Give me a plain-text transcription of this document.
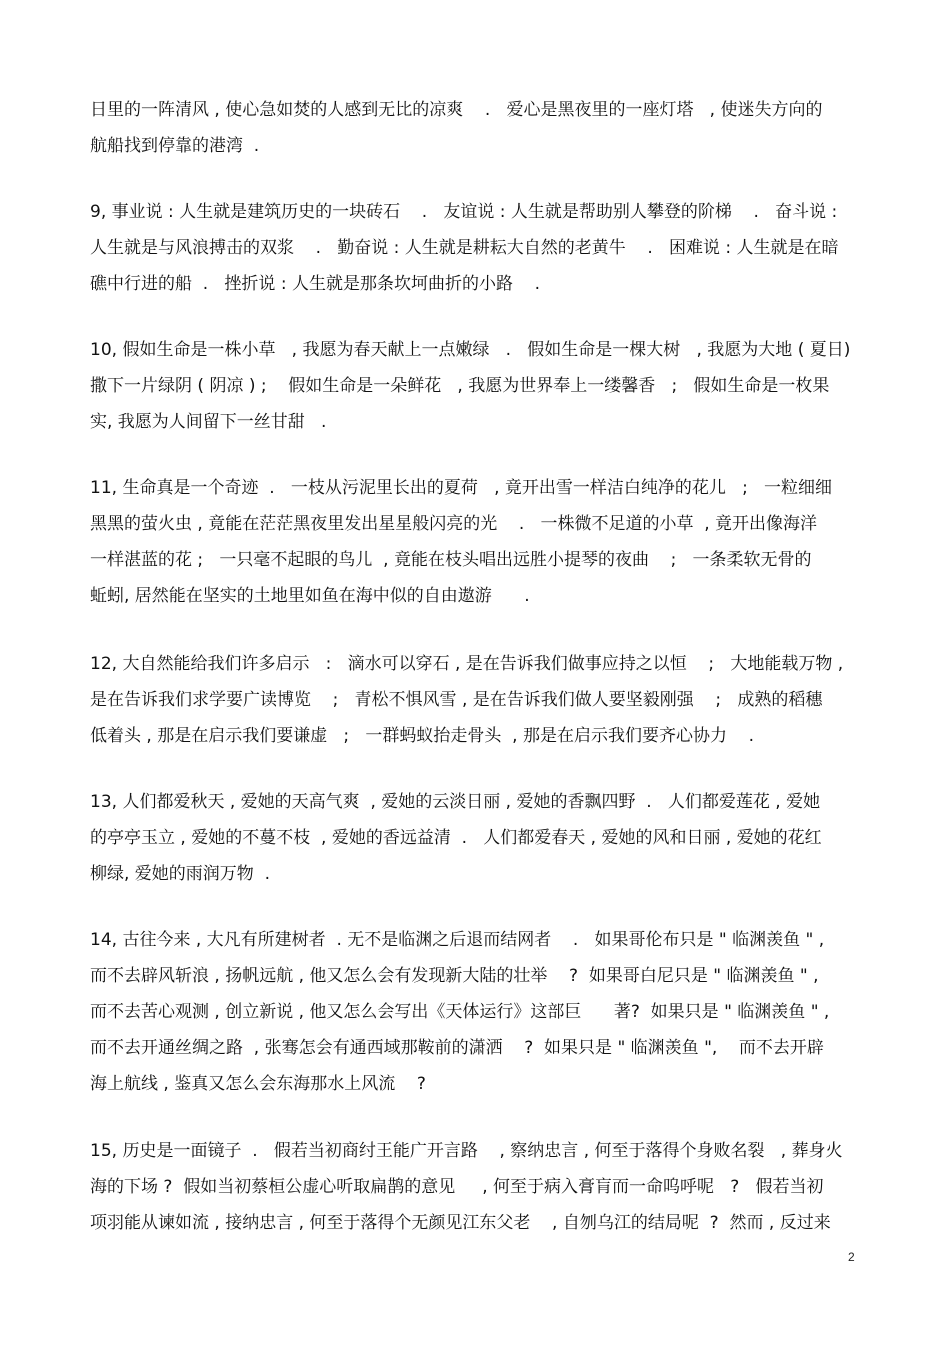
日里的一阵清风 , 使心急如焚的人感到无比的凉爽    .   爱心是黑夜里的一座灯塔   , 使迷失方向的
航船找到停靠的港湾  .
9, 事业说 : 人生就是建筑历史的一块砖石    .   友谊说 : 人生就是帮助别人攀登的阶梯    .   奋斗说 :
人生就是与风浪搏击的双浆    .   勤奋说 : 人生就是耕耘大自然的老黄牛    .   困难说 : 人生就是在暗
礁中行进的船  .   挫折说 : 人生就是那条坎坷曲折的小路    .
10, 假如生命是一株小草   , 我愿为春天献上一点嫩绿   .   假如生命是一棵大树   , 我愿为大地 ( 夏日)
撒下一片绿阴 ( 阴凉 ) ;    假如生命是一朵鲜花   , 我愿为世界奉上一缕馨香   ;   假如生命是一枚果
实, 我愿为人间留下一丝甘甜   .
11, 生命真是一个奇迹  .   一枝从污泥里长出的夏荷   , 竟开出雪一样洁白纯净的花儿   ;   一粒细细
黑黑的萤火虫 , 竟能在茫茫黑夜里发出星星般闪亮的光    .   一株微不足道的小草  , 竟开出像海洋
一样湛蓝的花 ;   一只毫不起眼的鸟儿  , 竟能在枝头唱出远胜小提琴的夜曲    ;   一条柔软无骨的
蚯蚓, 居然能在坚实的土地里如鱼在海中似的自由遨游      .
12, 大自然能给我们许多启示   :   滴水可以穿石 , 是在告诉我们做事应持之以恒    ;   大地能载万物 ,
是在告诉我们求学要广读博览    ;   青松不惧风雪 , 是在告诉我们做人要坚毅刚强    ;   成熟的稻穗
低着头 , 那是在启示我们要谦虚   ;   一群蚂蚁抬走骨头  , 那是在启示我们要齐心协力    .
13, 人们都爱秋天 , 爱她的天高气爽  , 爱她的云淡日丽 , 爱她的香飘四野  .   人们都爱莲花 , 爱她
的亭亭玉立 , 爱她的不蔓不枝  , 爱她的香远益清  .   人们都爱春天 , 爱她的风和日丽 , 爱她的花红
柳绿, 爱她的雨润万物  .
14, 古往今来 , 大凡有所建树者  . 无不是临渊之后退而结网者    .   如果哥伦布只是 " 临渊羡鱼 " ,
而不去辟风斩浪 , 扬帆远航 , 他又怎么会有发现新大陆的壮举    ?  如果哥白尼只是 " 临渊羡鱼 " ,
而不去苦心观测 , 创立新说 , 他又怎么会写出《天体运行》这部巨      著?  如果只是 " 临渊羡鱼 " ,
而不去开通丝绸之路  , 张骞怎会有通西域那鞍前的潇洒    ?  如果只是 " 临渊羡鱼 ",    而不去开辟
海上航线 , 鉴真又怎么会东海那水上风流    ?
15, 历史是一面镜子  .   假若当初商纣王能广开言路    , 察纳忠言 , 何至于落得个身败名裂   , 葬身火
海的下场 ?  假如当初蔡桓公虚心听取扁鹊的意见     , 何至于病入膏肓而一命呜呼呢   ?   假若当初
项羽能从谏如流 , 接纳忠言 , 何至于落得个无颜见江东父老    , 自刎乌江的结局呢  ?  然而 , 反过来
2
